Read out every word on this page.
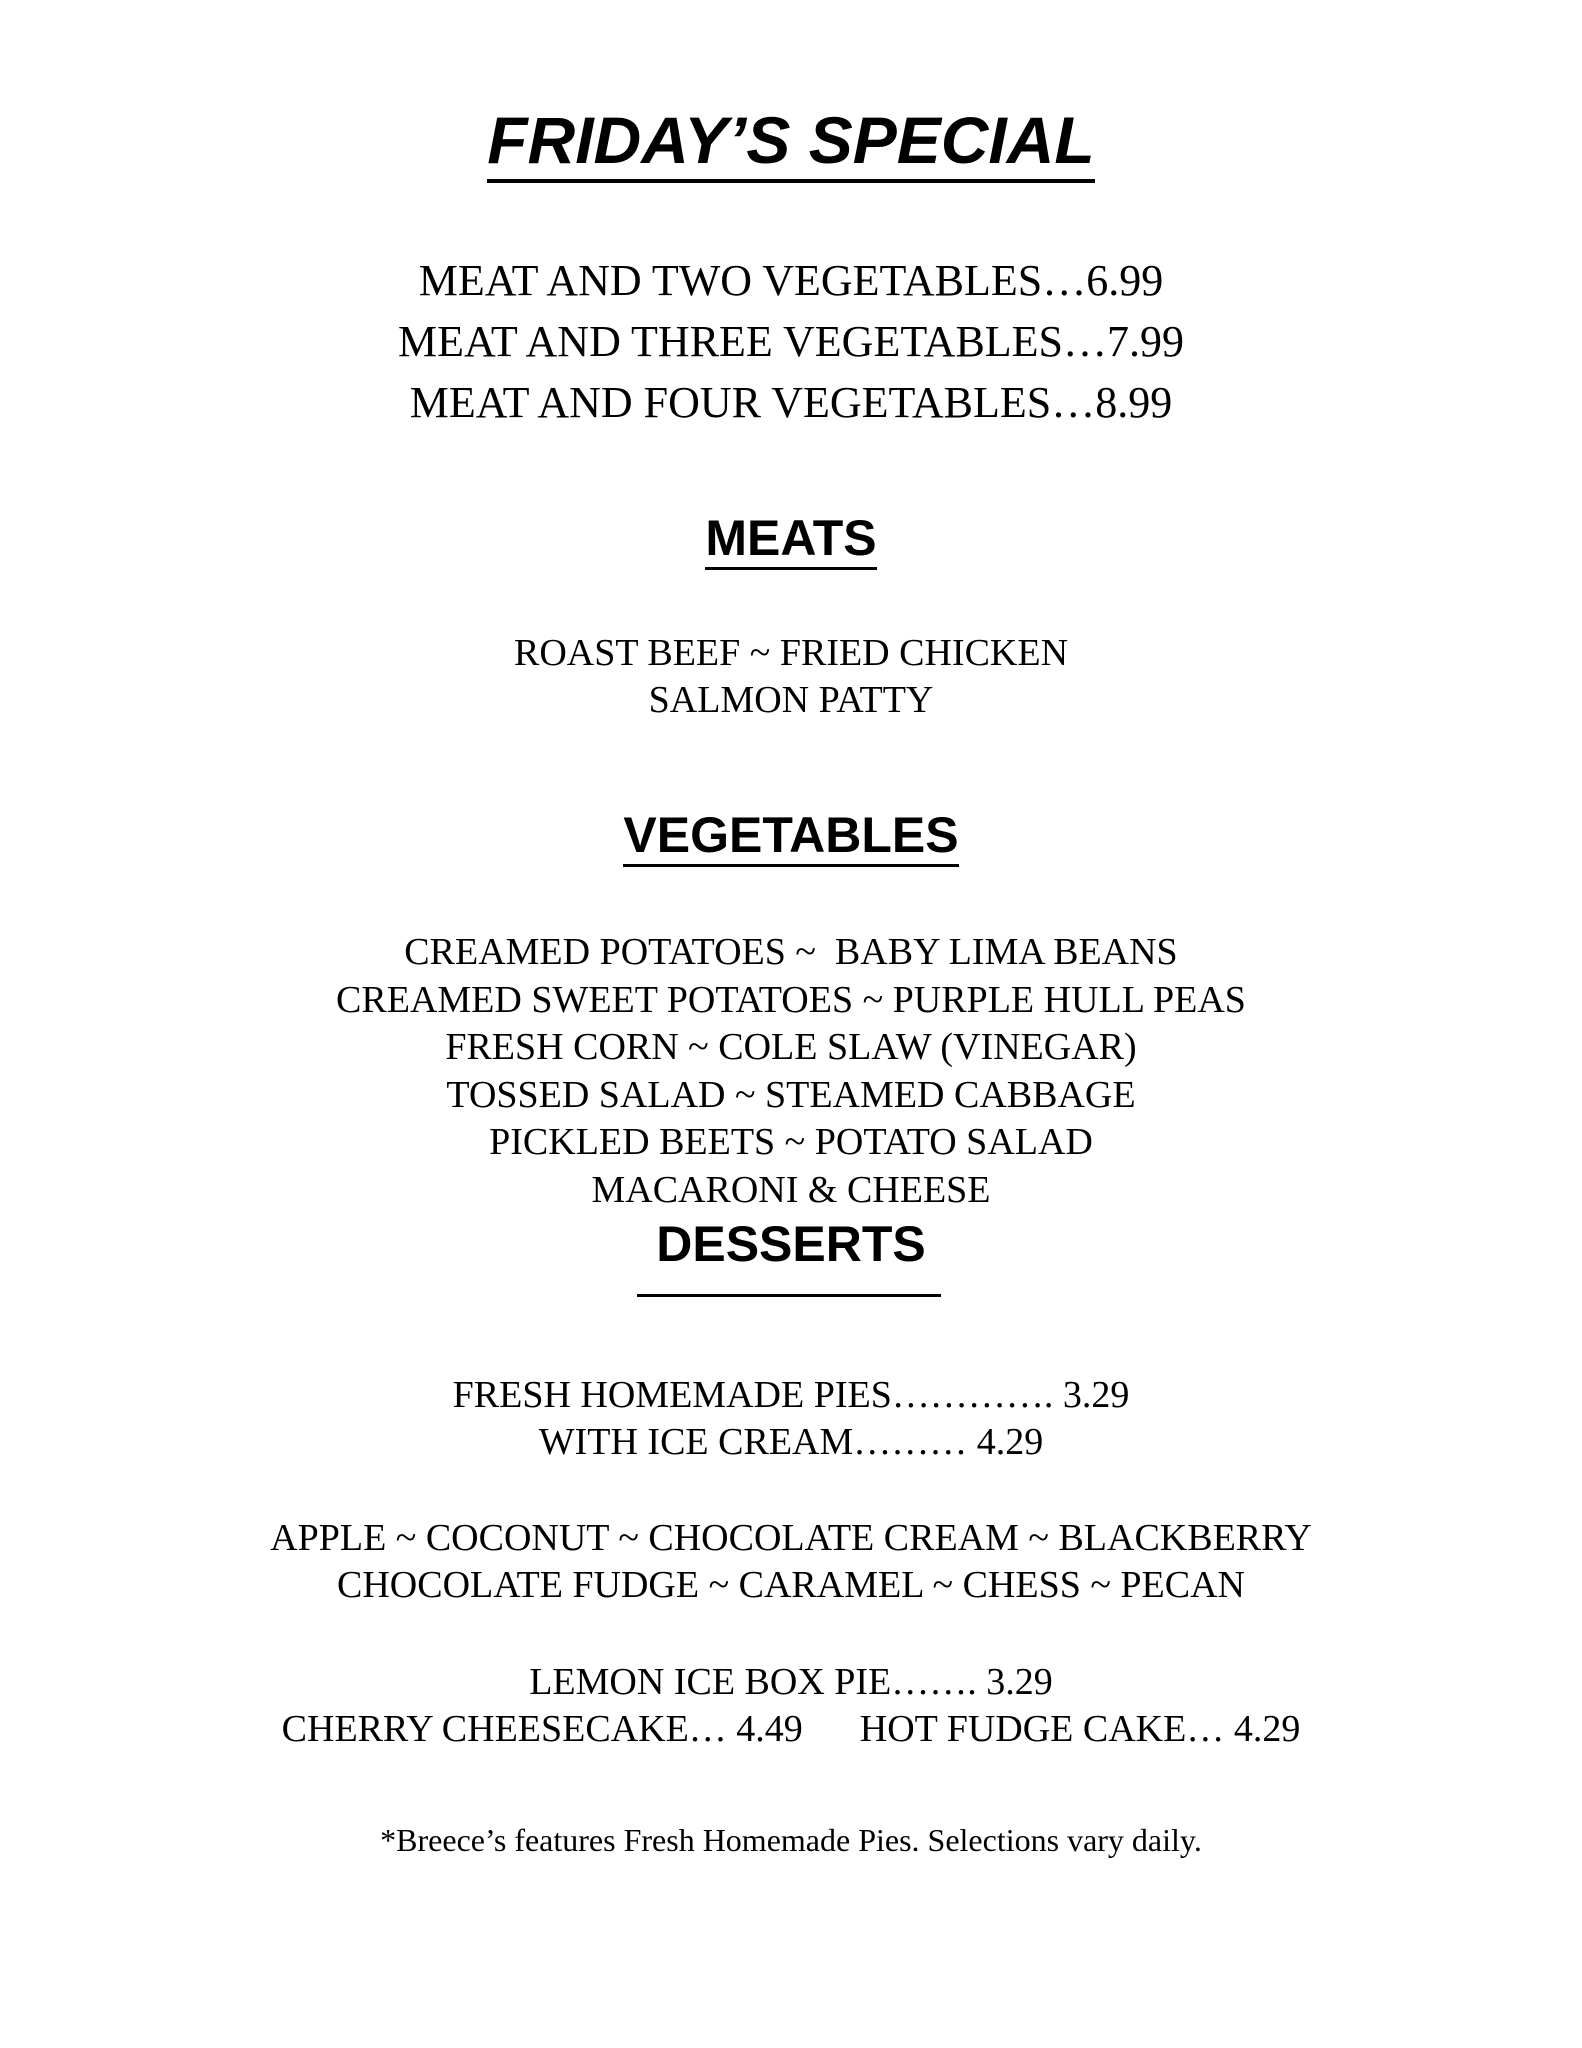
FRIDAY’S SPECIAL
MEAT AND TWO VEGETABLES…6.99
MEAT AND THREE VEGETABLES…7.99
MEAT AND FOUR VEGETABLES…8.99
MEATS
ROAST BEEF ~ FRIED CHICKEN
SALMON PATTY
VEGETABLES
CREAMED POTATOES ~  BABY LIMA BEANS
CREAMED SWEET POTATOES ~ PURPLE HULL PEAS
FRESH CORN ~ COLE SLAW (VINEGAR)
TOSSED SALAD ~ STEAMED CABBAGE
PICKLED BEETS ~ POTATO SALAD
MACARONI & CHEESE
DESSERTS
FRESH HOMEMADE PIES…………. 3.29
WITH ICE CREAM……… 4.29
APPLE ~ COCONUT ~ CHOCOLATE CREAM ~ BLACKBERRY
CHOCOLATE FUDGE ~ CARAMEL ~ CHESS ~ PECAN
LEMON ICE BOX PIE……. 3.29
CHERRY CHEESECAKE… 4.49      HOT FUDGE CAKE… 4.29
*Breece’s features Fresh Homemade Pies. Selections vary daily.
